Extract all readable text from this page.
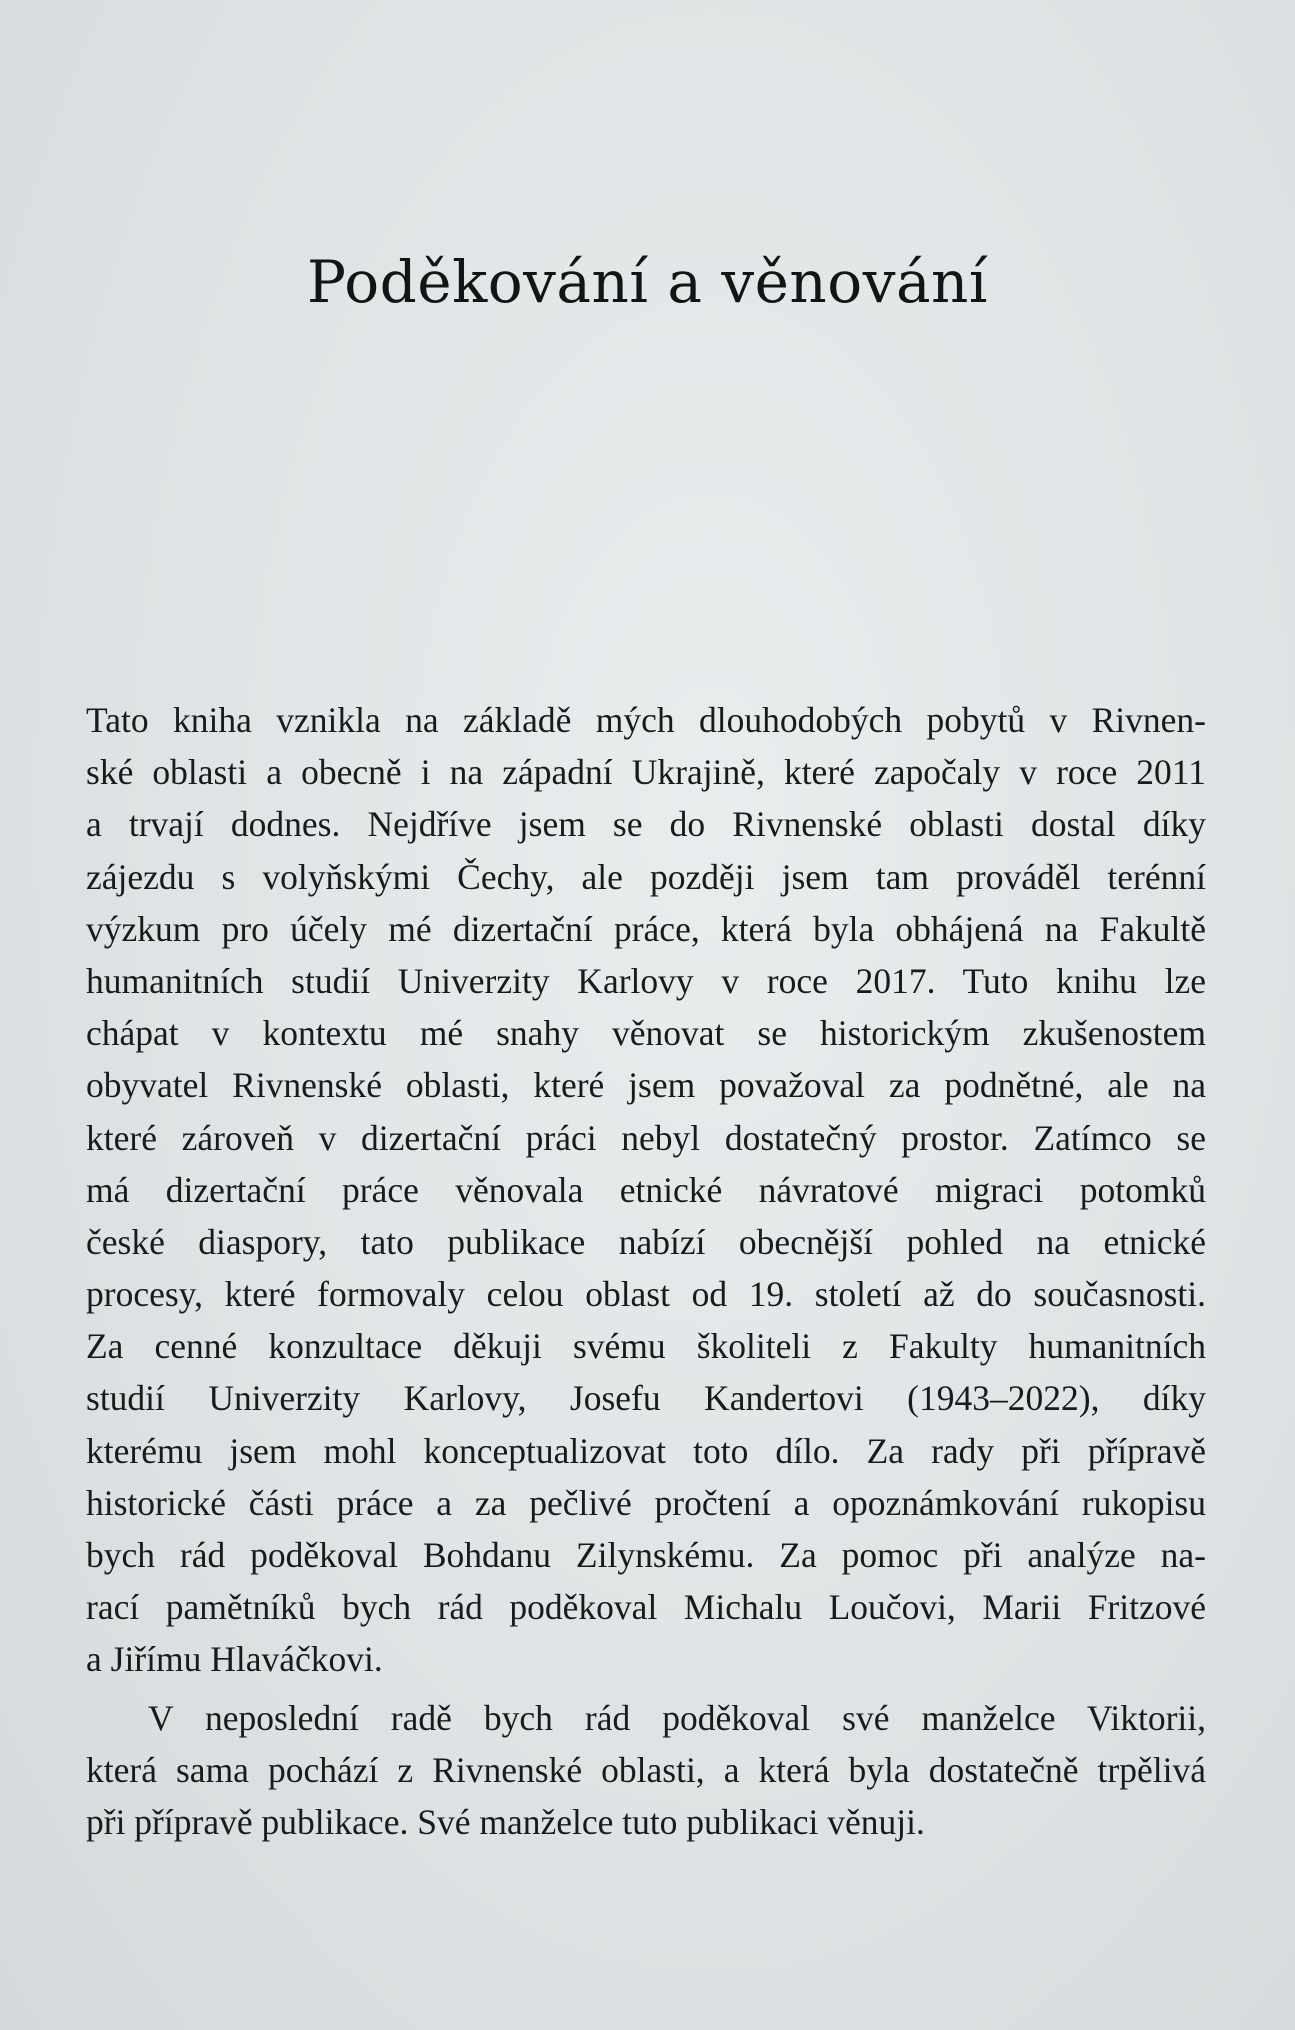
Poděkování a věnování
Tato kniha vznikla na základě mých dlouhodobých pobytů v Rivnen-
ské oblasti a obecně i na západní Ukrajině, které započaly v roce 2011
a trvají dodnes. Nejdříve jsem se do Rivnenské oblasti dostal díky
zájezdu s volyňskými Čechy, ale později jsem tam prováděl terénní
výzkum pro účely mé dizertační práce, která byla obhájená na Fakultě
humanitních studií Univerzity Karlovy v roce 2017. Tuto knihu lze
chápat v kontextu mé snahy věnovat se historickým zkušenostem
obyvatel Rivnenské oblasti, které jsem považoval za podnětné, ale na
které zároveň v dizertační práci nebyl dostatečný prostor. Zatímco se
má dizertační práce věnovala etnické návratové migraci potomků
české diaspory, tato publikace nabízí obecnější pohled na etnické
procesy, které formovaly celou oblast od 19. století až do současnosti.
Za cenné konzultace děkuji svému školiteli z Fakulty humanitních
studií Univerzity Karlovy, Josefu Kandertovi (1943–2022), díky
kterému jsem mohl konceptualizovat toto dílo. Za rady při přípravě
historické části práce a za pečlivé pročtení a opoznámkování rukopisu
bych rád poděkoval Bohdanu Zilynskému. Za pomoc při analýze na-
rací pamětníků bych rád poděkoval Michalu Loučovi, Marii Fritzové
a Jiřímu Hlaváčkovi.
V neposlední radě bych rád poděkoval své manželce Viktorii,
která sama pochází z Rivnenské oblasti, a která byla dostatečně trpělivá
při přípravě publikace. Své manželce tuto publikaci věnuji.
